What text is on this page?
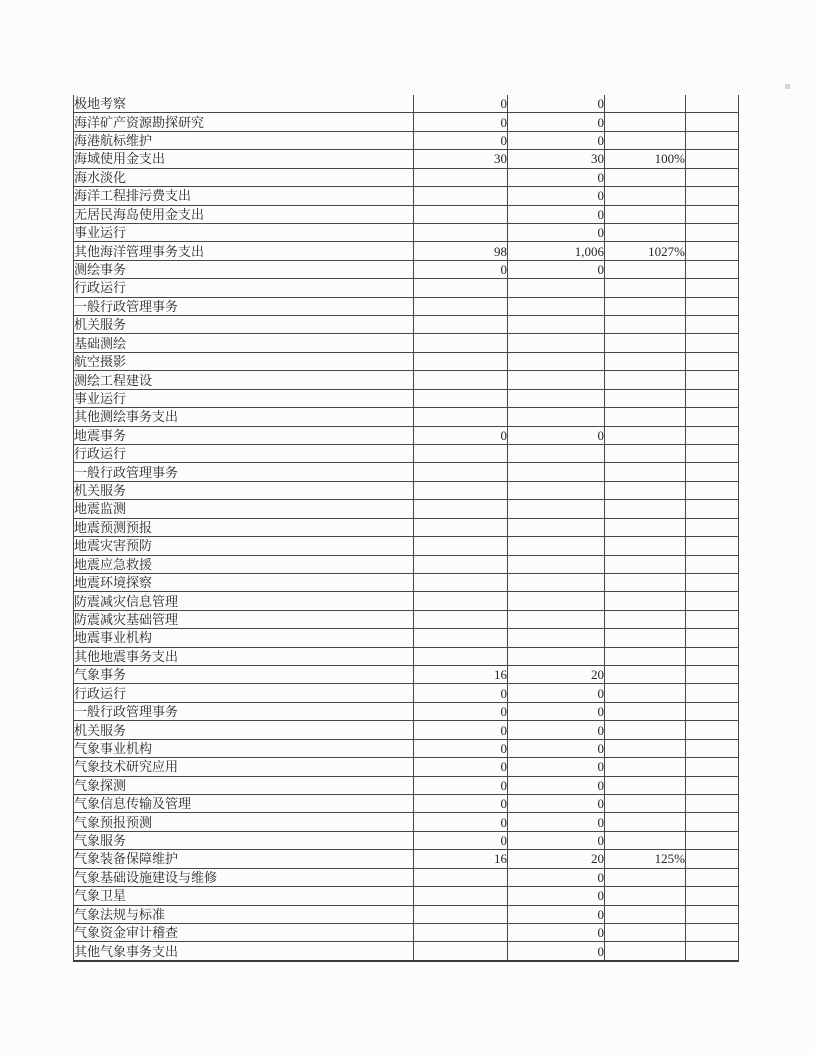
极地考察	0	0		
海洋矿产资源勘探研究	0	0		
海港航标维护	0	0		
海域使用金支出	30	30	100%	
海水淡化		0		
海洋工程排污费支出		0		
无居民海岛使用金支出		0		
事业运行		0		
其他海洋管理事务支出	98	1,006	1027%	
测绘事务	0	0		
行政运行				
一般行政管理事务				
机关服务				
基础测绘				
航空摄影				
测绘工程建设				
事业运行				
其他测绘事务支出				
地震事务	0	0		
行政运行				
一般行政管理事务				
机关服务				
地震监测				
地震预测预报				
地震灾害预防				
地震应急救援				
地震环境探察				
防震减灾信息管理				
防震减灾基础管理				
地震事业机构				
其他地震事务支出				
气象事务	16	20		
行政运行	0	0		
一般行政管理事务	0	0		
机关服务	0	0		
气象事业机构	0	0		
气象技术研究应用	0	0		
气象探测	0	0		
气象信息传输及管理	0	0		
气象预报预测	0	0		
气象服务	0	0		
气象装备保障维护	16	20	125%	
气象基础设施建设与维修		0		
气象卫星		0		
气象法规与标准		0		
气象资金审计稽查		0		
其他气象事务支出		0		
